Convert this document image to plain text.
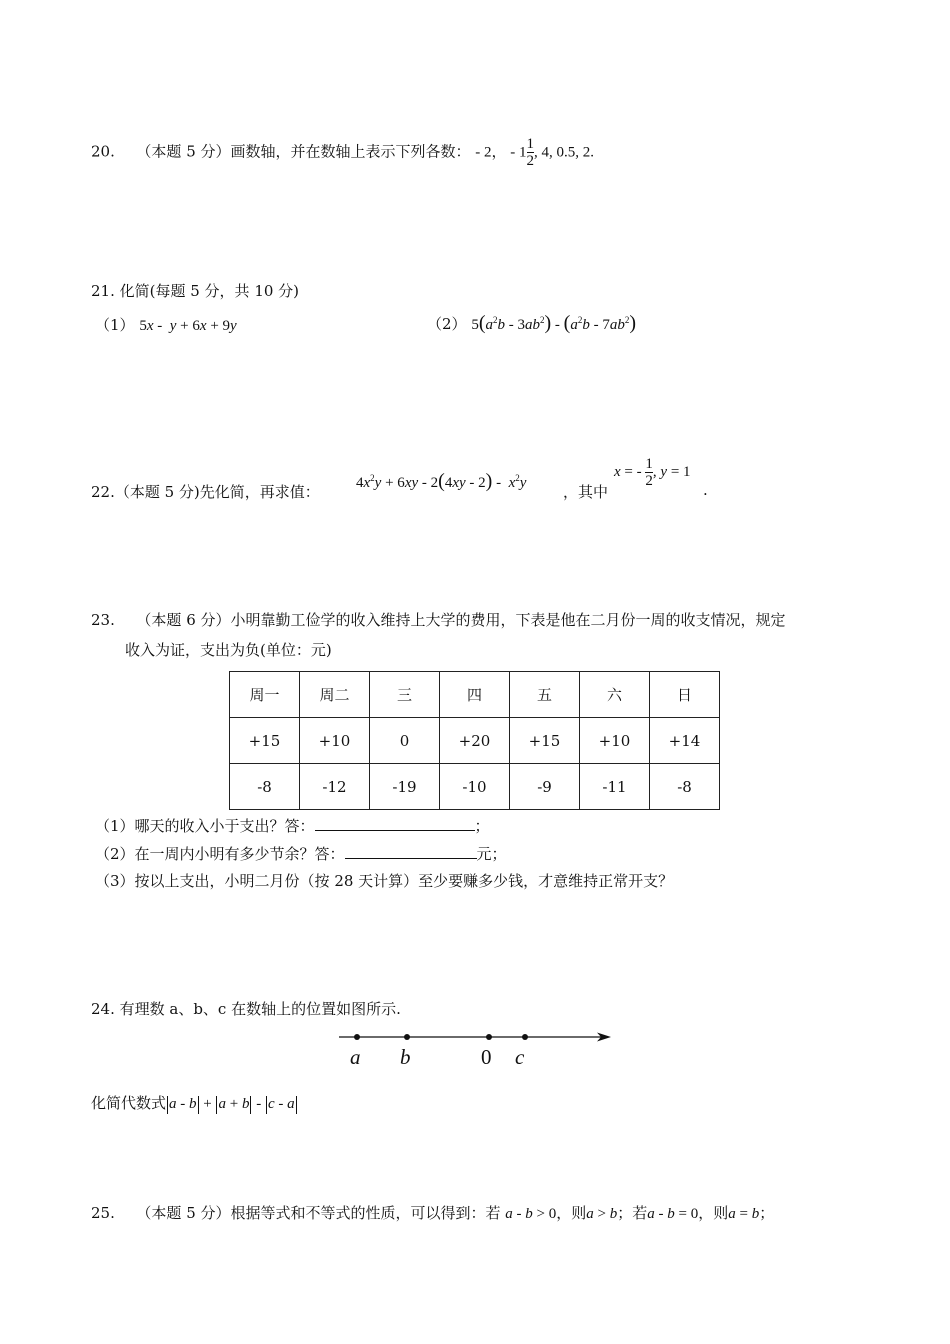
20. （本题 5 分）画数轴，并在数轴上表示下列各数： - 2， - $1 \frac{1}{2}$ , 4, 0.5, 2.
21. 化简(每题 5 分，共 10 分)
（1） 5x -  y + 6x + 9y	（2） $5(a^2b - 3ab^2) - (a^2b - 7ab^2)$
22.（本题 5 分)先化简，再求值： $4x^2y + 6xy - 2(4xy - 2) - x^2y$ ，其中
x = - $\frac{1}{2}$ , y = 1
.
23. （本题 6 分）小明靠勤工俭学的收入维持上大学的费用，下表是他在二月份一周的收支情况，规定
收入为证，支出为负(单位：元)
周一	周二	三	四	五	六	日
+15	+10	0	+20	+15	+10	+14
-8	-12	-19	-10	-9	-11	-8
（1）哪天的收入小于支出？答：	；
（2）在一周内小明有多少节余？答：	元；
（3）按以上支出，小明二月份（按 28 天计算）至少要赚多少钱，才意维持正常开支？
24. 有理数 a、b、c 在数轴上的位置如图所示.
a b	0 c
化简代数式 a - b + a + b - c - a
25. （本题 5 分）根据等式和不等式的性质，可以得到：若 a - b > 0，则a > b；若a - b = 0，则a = b；
